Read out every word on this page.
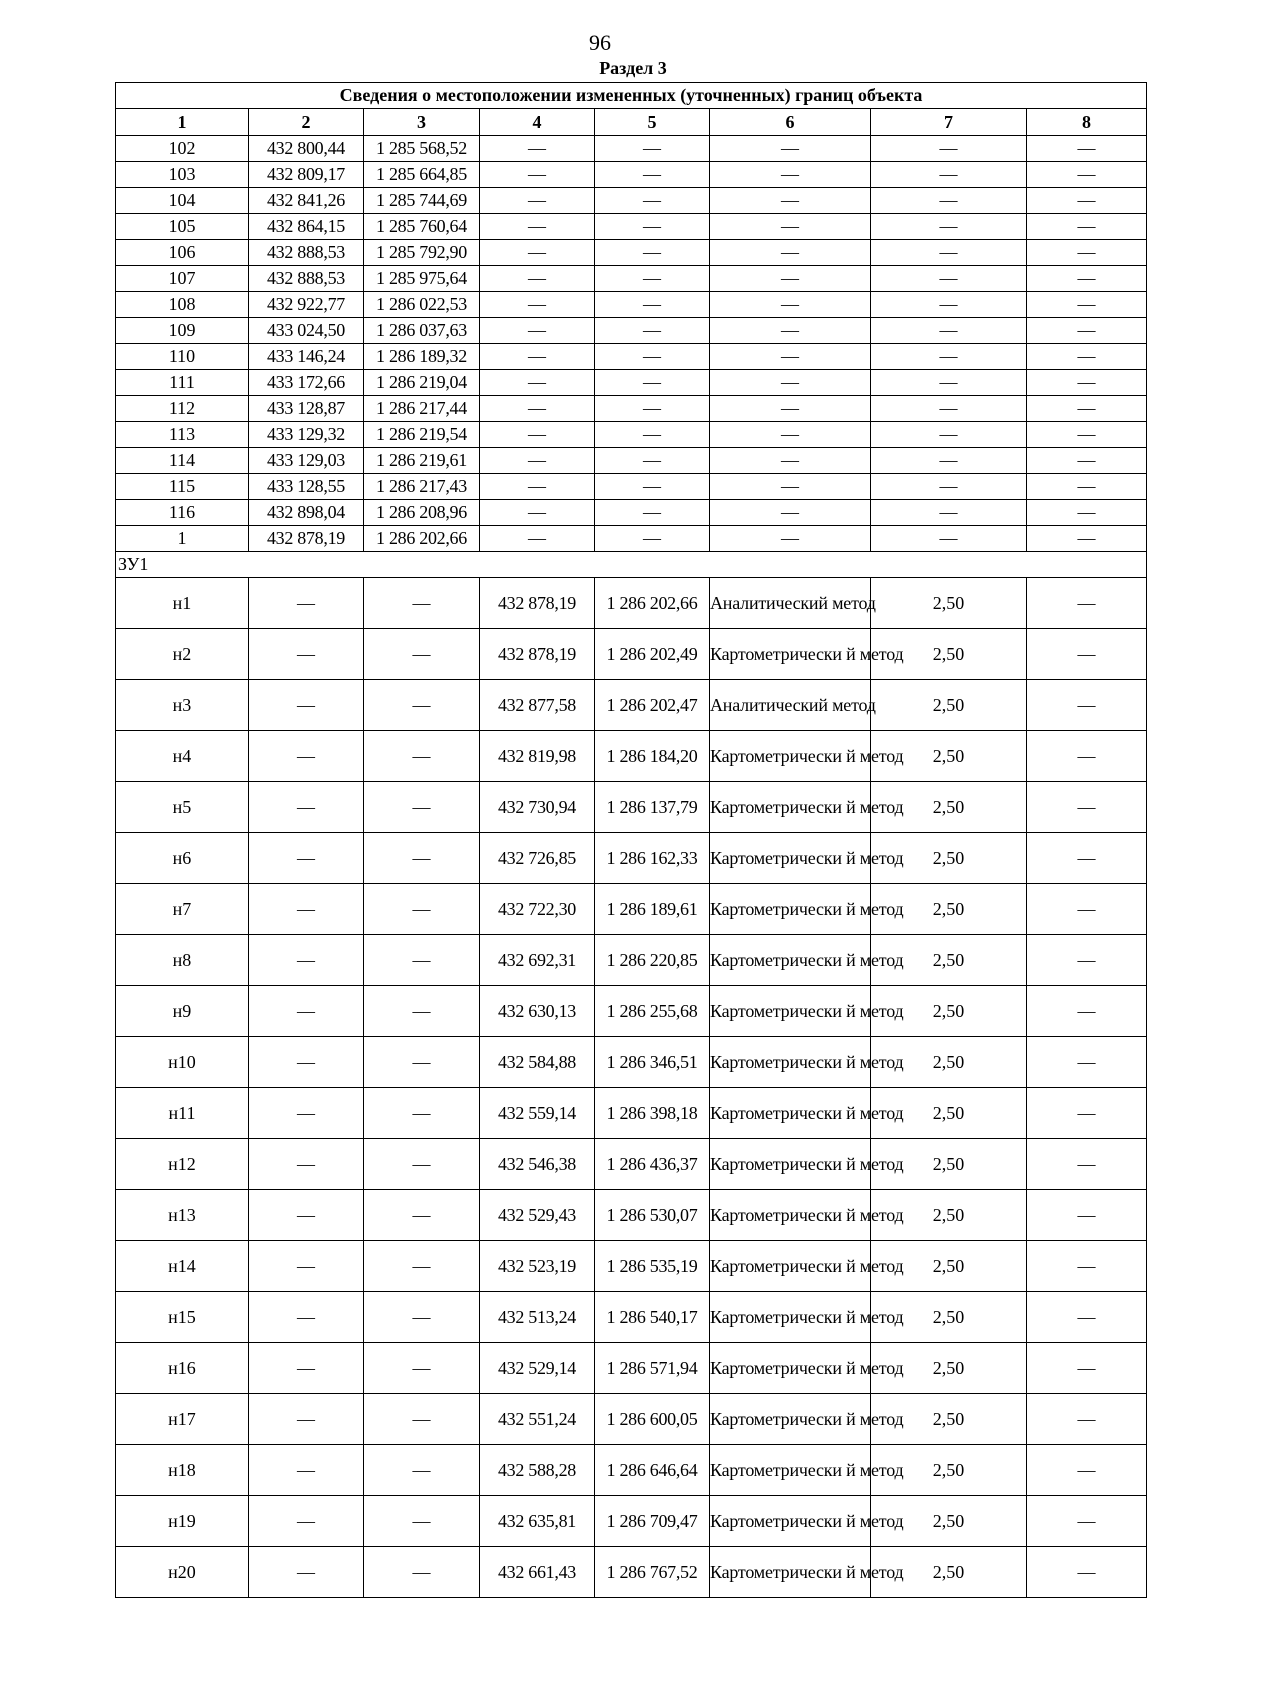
96
Раздел 3
Сведения о местоположении измененных (уточненных) границ объекта							
1	2	3	4	5	6	7	8
102	432 800,44	1 285 568,52	—	—	—	—	—
103	432 809,17	1 285 664,85	—	—	—	—	—
104	432 841,26	1 285 744,69	—	—	—	—	—
105	432 864,15	1 285 760,64	—	—	—	—	—
106	432 888,53	1 285 792,90	—	—	—	—	—
107	432 888,53	1 285 975,64	—	—	—	—	—
108	432 922,77	1 286 022,53	—	—	—	—	—
109	433 024,50	1 286 037,63	—	—	—	—	—
110	433 146,24	1 286 189,32	—	—	—	—	—
111	433 172,66	1 286 219,04	—	—	—	—	—
112	433 128,87	1 286 217,44	—	—	—	—	—
113	433 129,32	1 286 219,54	—	—	—	—	—
114	433 129,03	1 286 219,61	—	—	—	—	—
115	433 128,55	1 286 217,43	—	—	—	—	—
116	432 898,04	1 286 208,96	—	—	—	—	—
1	432 878,19	1 286 202,66	—	—	—	—	—
ЗУ1							
н1	—	—	432 878,19	1 286 202,66	Аналитический метод	2,50	—
н2	—	—	432 878,19	1 286 202,49	Картометрически й метод	2,50	—
н3	—	—	432 877,58	1 286 202,47	Аналитический метод	2,50	—
н4	—	—	432 819,98	1 286 184,20	Картометрически й метод	2,50	—
н5	—	—	432 730,94	1 286 137,79	Картометрически й метод	2,50	—
н6	—	—	432 726,85	1 286 162,33	Картометрически й метод	2,50	—
н7	—	—	432 722,30	1 286 189,61	Картометрически й метод	2,50	—
н8	—	—	432 692,31	1 286 220,85	Картометрически й метод	2,50	—
н9	—	—	432 630,13	1 286 255,68	Картометрически й метод	2,50	—
н10	—	—	432 584,88	1 286 346,51	Картометрически й метод	2,50	—
н11	—	—	432 559,14	1 286 398,18	Картометрически й метод	2,50	—
н12	—	—	432 546,38	1 286 436,37	Картометрически й метод	2,50	—
н13	—	—	432 529,43	1 286 530,07	Картометрически й метод	2,50	—
н14	—	—	432 523,19	1 286 535,19	Картометрически й метод	2,50	—
н15	—	—	432 513,24	1 286 540,17	Картометрически й метод	2,50	—
н16	—	—	432 529,14	1 286 571,94	Картометрически й метод	2,50	—
н17	—	—	432 551,24	1 286 600,05	Картометрически й метод	2,50	—
н18	—	—	432 588,28	1 286 646,64	Картометрически й метод	2,50	—
н19	—	—	432 635,81	1 286 709,47	Картометрически й метод	2,50	—
н20	—	—	432 661,43	1 286 767,52	Картометрически й метод	2,50	—
